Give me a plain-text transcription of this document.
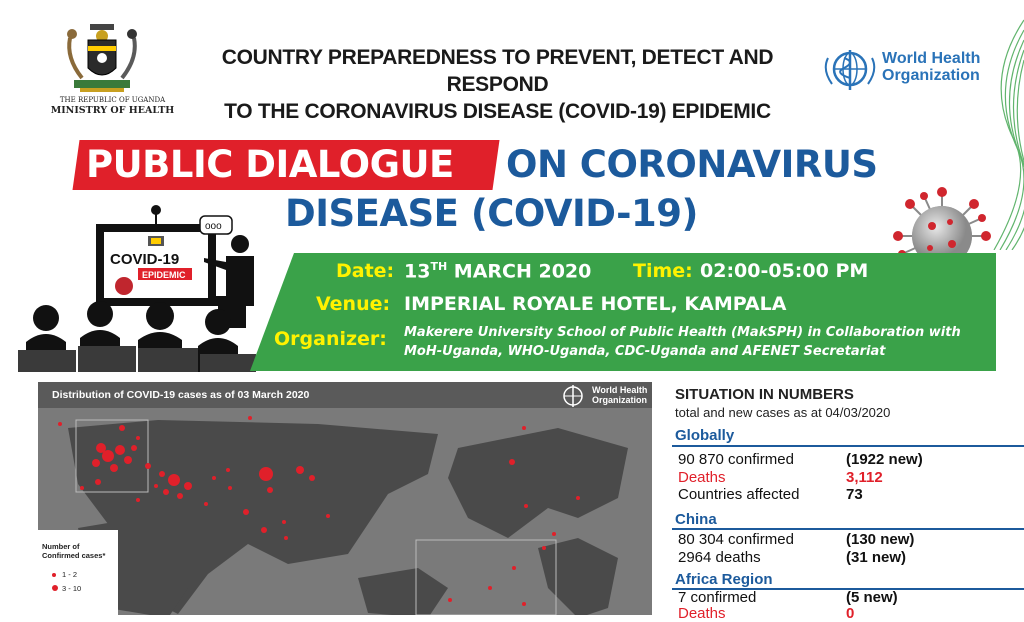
THE REPUBLIC OF UGANDA
MINISTRY OF HEALTH
COUNTRY PREPAREDNESS TO PREVENT, DETECT AND RESPOND
TO THE CORONAVIRUS DISEASE (COVID-19) EPIDEMIC
World Health
Organization
PUBLIC DIALOGUE ON CORONAVIRUS
DISEASE (COVID-19)
COVID-19
EPIDEMIC
ooo
Date: 13TH MARCH 2020 Time: 02:00-05:00 PM
Venue: IMPERIAL ROYALE HOTEL, KAMPALA
Organizer: Makerere University School of Public Health (MakSPH) in Collaboration with
MoH-Uganda, WHO-Uganda, CDC-Uganda and AFENET Secretariat
Distribution of COVID-19 cases as of 03 March 2020	World Health
Organization
Number of
Confirmed cases*
1 - 2
3 - 10
SITUATION IN NUMBERS
total and new cases as at 04/03/2020
Globally
90 870 confirmed	(1922 new)
Deaths	3,112
Countries affected	73
China
80 304 confirmed	(130 new)
2964 deaths	(31 new)
Africa Region
7 confirmed	(5 new)
Deaths	0
